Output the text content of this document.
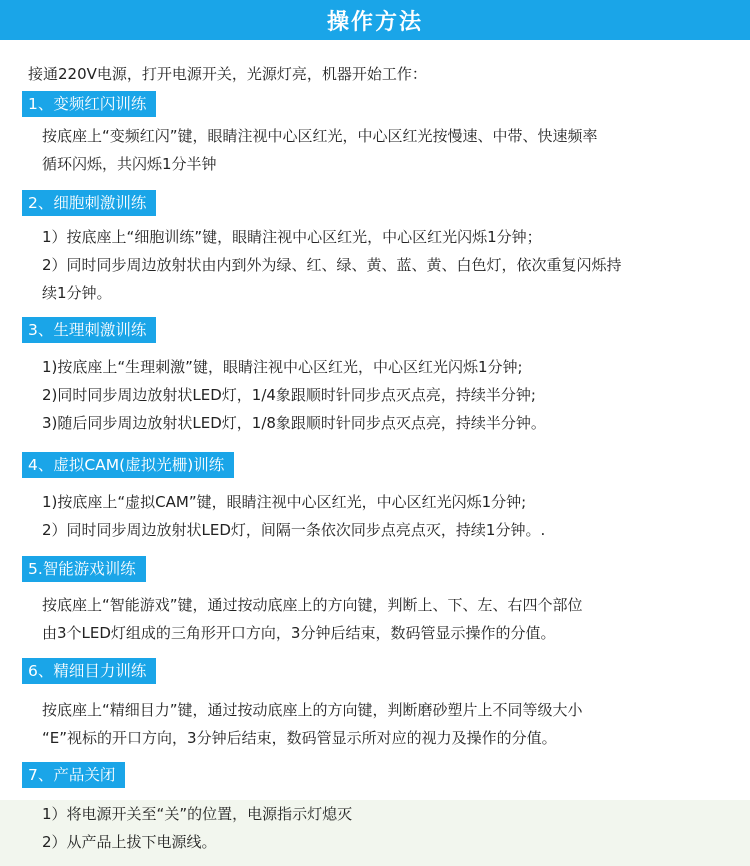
操作方法
接通220V电源，打开电源开关，光源灯亮，机器开始工作：
1、变频红闪训练
按底座上“变频红闪”键，眼睛注视中心区红光，中心区红光按慢速、中带、快速频率
循环闪烁，共闪烁1分半钟
2、细胞刺激训练
1）按底座上“细胞训练”键，眼睛注视中心区红光，中心区红光闪烁1分钟；
2）同时同步周边放射状由内到外为绿、红、绿、黄、蓝、黄、白色灯，依次重复闪烁持
续1分钟。
3、生理刺激训练
1)按底座上“生理刺激”键，眼睛注视中心区红光，中心区红光闪烁1分钟;
2)同时同步周边放射状LED灯，1/4象跟顺时针同步点灭点亮，持续半分钟;
3)随后同步周边放射状LED灯，1/8象跟顺时针同步点灭点亮，持续半分钟。
4、虚拟CAM(虚拟光栅)训练
1)按底座上“虚拟CAM”键，眼睛注视中心区红光，中心区红光闪烁1分钟;
2）同时同步周边放射状LED灯，间隔一条依次同步点亮点灭，持续1分钟。.
5.智能游戏训练
按底座上“智能游戏”键，通过按动底座上的方向键，判断上、下、左、右四个部位
由3个LED灯组成的三角形开口方向，3分钟后结束，数码管显示操作的分值。
6、精细目力训练
按底座上“精细目力”键，通过按动底座上的方向键，判断磨砂塑片上不同等级大小
“E”视标的开口方向，3分钟后结束，数码管显示所对应的视力及操作的分值。
7、产品关闭
1）将电源开关至“关”的位置，电源指示灯熄灭
2）从产品上拔下电源线。
